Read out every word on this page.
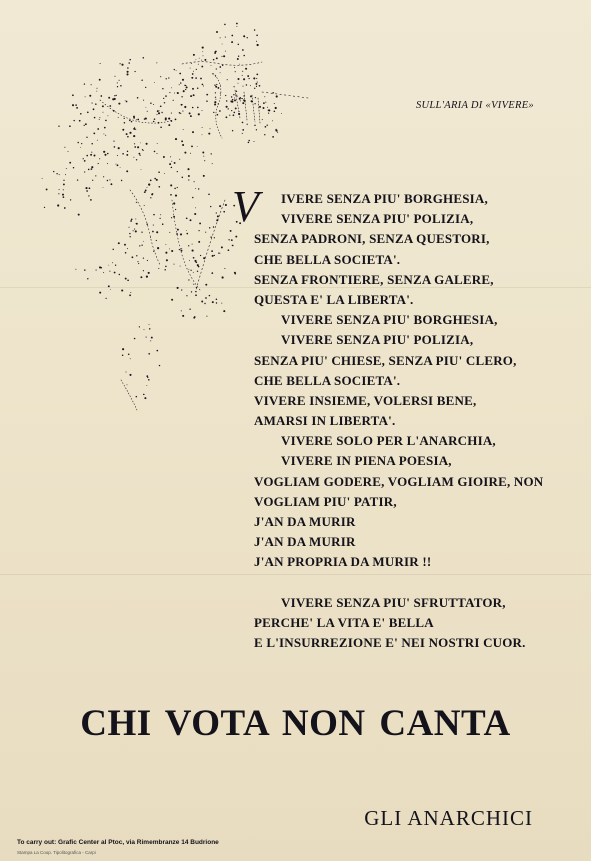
SULL'ARIA DI «VIVERE»
V	IVERE SENZA PIU' BORGHESIA,
VIVERE SENZA PIU' POLIZIA,
SENZA PADRONI, SENZA QUESTORI,
CHE BELLA SOCIETA'.
SENZA FRONTIERE, SENZA GALERE,
QUESTA E' LA LIBERTA'.
VIVERE SENZA PIU' BORGHESIA,
VIVERE SENZA PIU' POLIZIA,
SENZA PIU' CHIESE, SENZA PIU' CLERO,
CHE BELLA SOCIETA'.
VIVERE INSIEME, VOLERSI BENE,
AMARSI IN LIBERTA'.
VIVERE SOLO PER L'ANARCHIA,
VIVERE IN PIENA POESIA,
VOGLIAM GODERE, VOGLIAM GIOIRE, NON
VOGLIAM PIU' PATIR,
J'AN DA MURIR
J'AN DA MURIR
J'AN PROPRIA DA MURIR !!
VIVERE SENZA PIU' SFRUTTATOR,
PERCHE' LA VITA E' BELLA
E L'INSURREZIONE E' NEI NOSTRI CUOR.
CHI VOTA NON CANTA
GLI ANARCHICI
To carry out: Grafic Center al Ptoc, via Rimembranze 14 Budrione
Stampa La Coop. Tipolitografica - Carpi
